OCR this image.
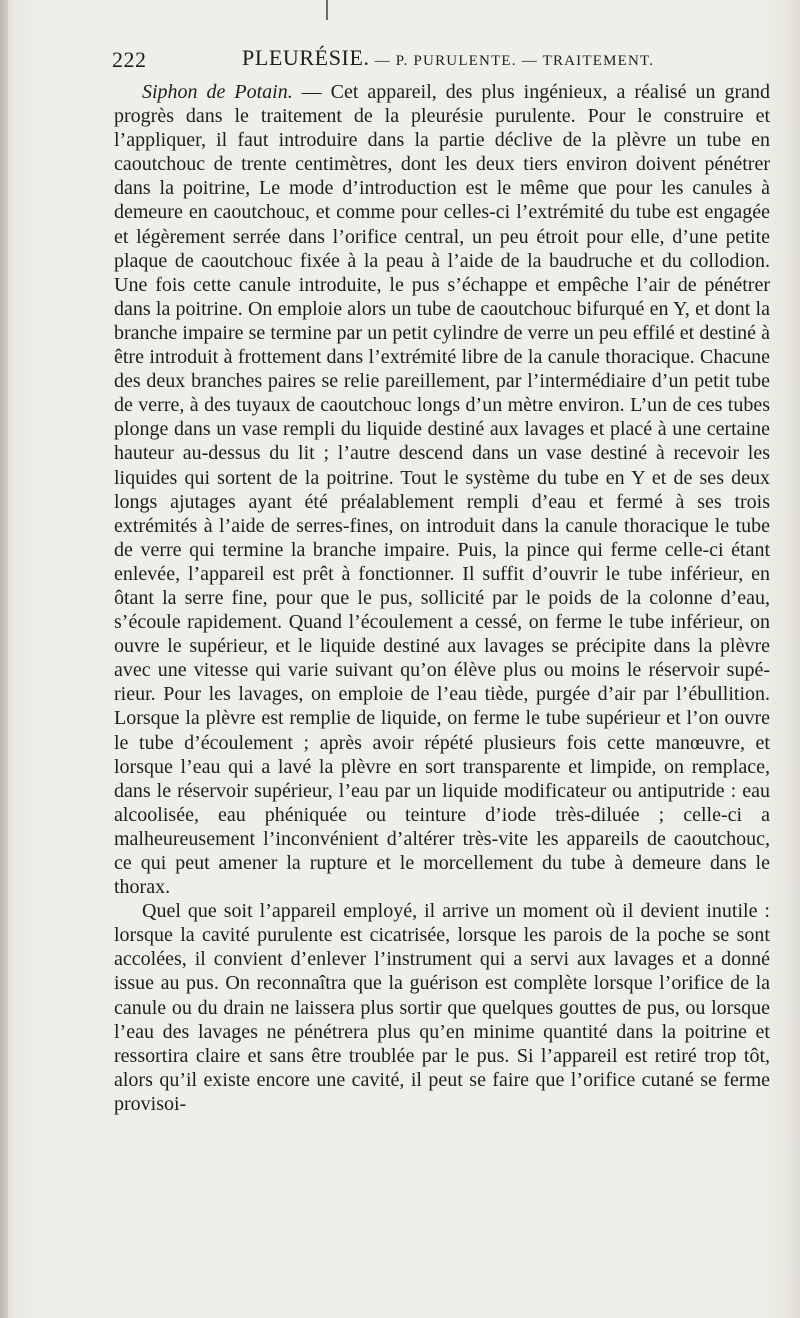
222	PLEURÉSIE. — P. PURULENTE. — TRAITEMENT.

Siphon de Potain. — Cet appareil, des plus ingénieux, a réalisé un grand progrès dans le traitement de la pleurésie purulente. Pour le construire et l’appliquer, il faut introduire dans la partie déclive de la plèvre un tube en caoutchouc de trente centimètres, dont les deux tiers environ doivent pénétrer dans la poitrine, Le mode d’introduction est le même que pour les canules à demeure en caoutchouc, et comme pour celles-ci l’extrémité du tube est engagée et légèrement serrée dans l’orifice central, un peu étroit pour elle, d’une petite plaque de caoutchouc fixée à la peau à l’aide de la baudruche et du collodion. Une fois cette canule introduite, le pus s’échappe et empêche l’air de pénétrer dans la poitrine. On emploie alors un tube de caoutchouc bifurqué en Y, et dont la branche impaire se termine par un petit cylindre de verre un peu effilé et destiné à être introduit à frottement dans l’extrémité libre de la canule thoracique. Chacune des deux branches paires se relie pareillement, par l’intermédiaire d’un petit tube de verre, à des tuyaux de caoutchouc longs d’un mètre environ. L’un de ces tubes plonge dans un vase rempli du liquide destiné aux lavages et placé à une certaine hauteur au-dessus du lit ; l’autre descend dans un vase destiné à recevoir les liquides qui sortent de la poitrine. Tout le système du tube en Y et de ses deux longs ajutages ayant été préalablement rempli d’eau et fermé à ses trois extrémités à l’aide de serres-fines, on introduit dans la canule thoracique le tube de verre qui termine la branche impaire. Puis, la pince qui ferme celle-ci étant enlevée, l’appareil est prêt à fonctionner. Il suffit d’ouvrir le tube inférieur, en ôtant la serre fine, pour que le pus, sollicité par le poids de la colonne d’eau, s’écoule rapidement. Quand l’écoulement a cessé, on ferme le tube inférieur, on ouvre le supérieur, et le liquide destiné aux lavages se précipite dans la plèvre avec une vitesse qui varie suivant qu’on élève plus ou moins le réservoir supérieur. Pour les lavages, on emploie de l’eau tiède, purgée d’air par l’ébullition. Lorsque la plèvre est remplie de liquide, on ferme le tube supérieur et l’on ouvre le tube d’écoulement ; après avoir répété plusieurs fois cette manœuvre, et lorsque l’eau qui a lavé la plèvre en sort transparente et limpide, on remplace, dans le réservoir supérieur, l’eau par un liquide modificateur ou antiputride : eau alcoolisée, eau phéniquée ou teinture d’iode très-diluée ; celle-ci a malheureusement l’inconvénient d’altérer très-vite les appareils de caoutchouc, ce qui peut amener la rupture et le morcellement du tube à demeure dans le thorax.

Quel que soit l’appareil employé, il arrive un moment où il devient inutile : lorsque la cavité purulente est cicatrisée, lorsque les parois de la poche se sont accolées, il convient d’enlever l’instrument qui a servi aux lavages et a donné issue au pus. On reconnaîtra que la guérison est complète lorsque l’orifice de la canule ou du drain ne laissera plus sortir que quelques gouttes de pus, ou lorsque l’eau des lavages ne pénétrera plus qu’en minime quantité dans la poitrine et ressortira claire et sans être troublée par le pus. Si l’appareil est retiré trop tôt, alors qu’il existe encore une cavité, il peut se faire que l’orifice cutané se ferme provisoi-
